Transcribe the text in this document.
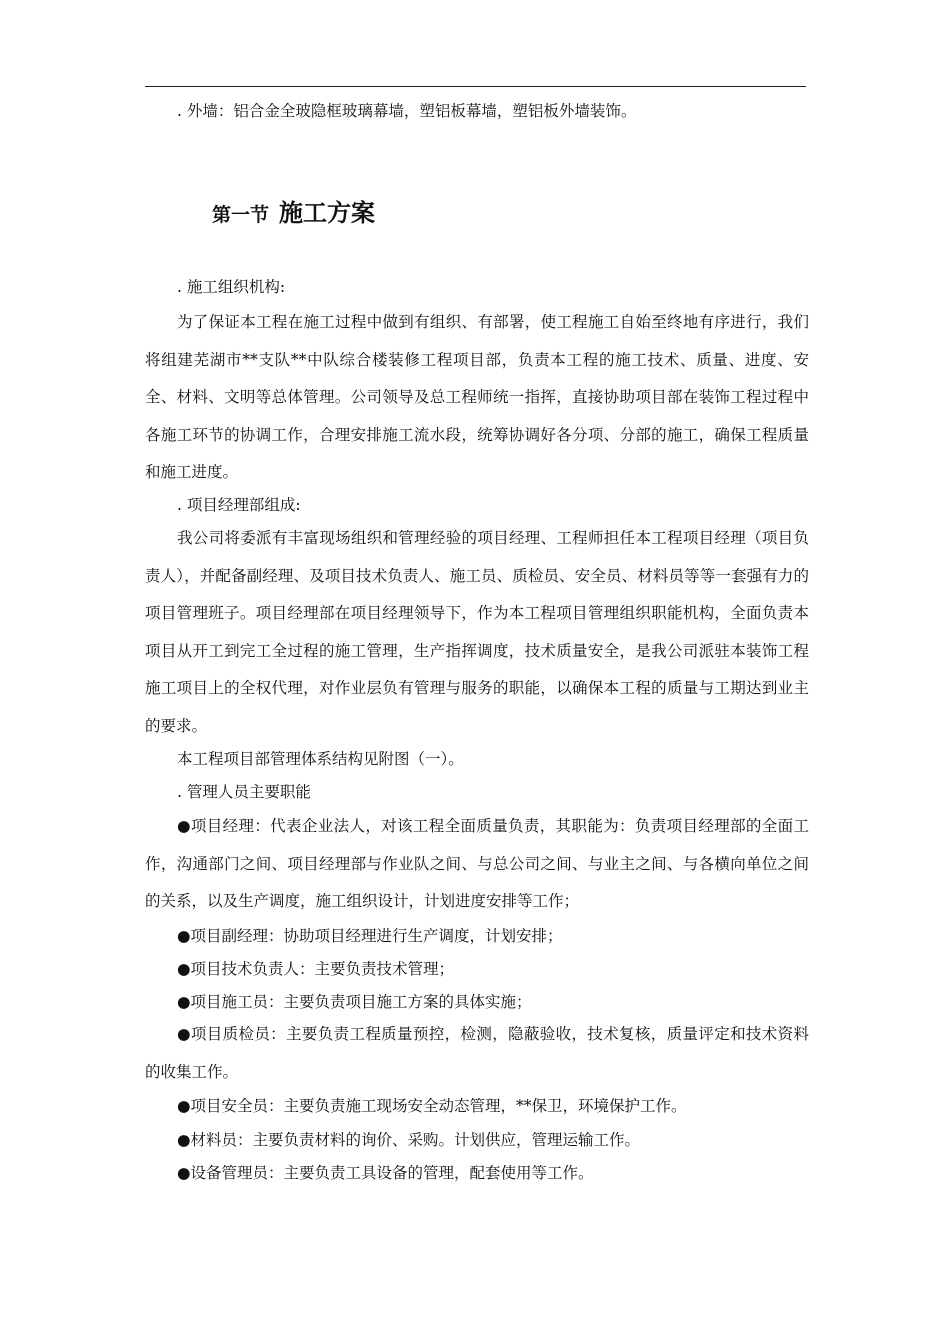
. 外墙：铝合金全玻隐框玻璃幕墙，塑铝板幕墙，塑铝板外墙装饰。

第一节 施工方案

. 施工组织机构:

为了保证本工程在施工过程中做到有组织、有部署，使工程施工自始至终地有序进行，我们将组建芜湖市**支队**中队综合楼装修工程项目部，负责本工程的施工技术、质量、进度、安全、材料、文明等总体管理。公司领导及总工程师统一指挥，直接协助项目部在装饰工程过程中各施工环节的协调工作，合理安排施工流水段，统筹协调好各分项、分部的施工，确保工程质量和施工进度。

. 项目经理部组成:

我公司将委派有丰富现场组织和管理经验的项目经理、工程师担任本工程项目经理（项目负责人），并配备副经理、及项目技术负责人、施工员、质检员、安全员、材料员等等一套强有力的项目管理班子。项目经理部在项目经理领导下，作为本工程项目管理组织职能机构，全面负责本项目从开工到完工全过程的施工管理，生产指挥调度，技术质量安全，是我公司派驻本装饰工程施工项目上的全权代理，对作业层负有管理与服务的职能，以确保本工程的质量与工期达到业主的要求。

本工程项目部管理体系结构见附图（一）。

. 管理人员主要职能

●项目经理：代表企业法人，对该工程全面质量负责，其职能为：负责项目经理部的全面工作，沟通部门之间、项目经理部与作业队之间、与总公司之间、与业主之间、与各横向单位之间的关系，以及生产调度，施工组织设计，计划进度安排等工作；

●项目副经理：协助项目经理进行生产调度，计划安排；

●项目技术负责人：主要负责技术管理；

●项目施工员：主要负责项目施工方案的具体实施；

●项目质检员：主要负责工程质量预控，检测，隐蔽验收，技术复核，质量评定和技术资料的收集工作。

●项目安全员：主要负责施工现场安全动态管理，**保卫，环境保护工作。

●材料员：主要负责材料的询价、采购。计划供应，管理运输工作。

●设备管理员：主要负责工具设备的管理，配套使用等工作。
